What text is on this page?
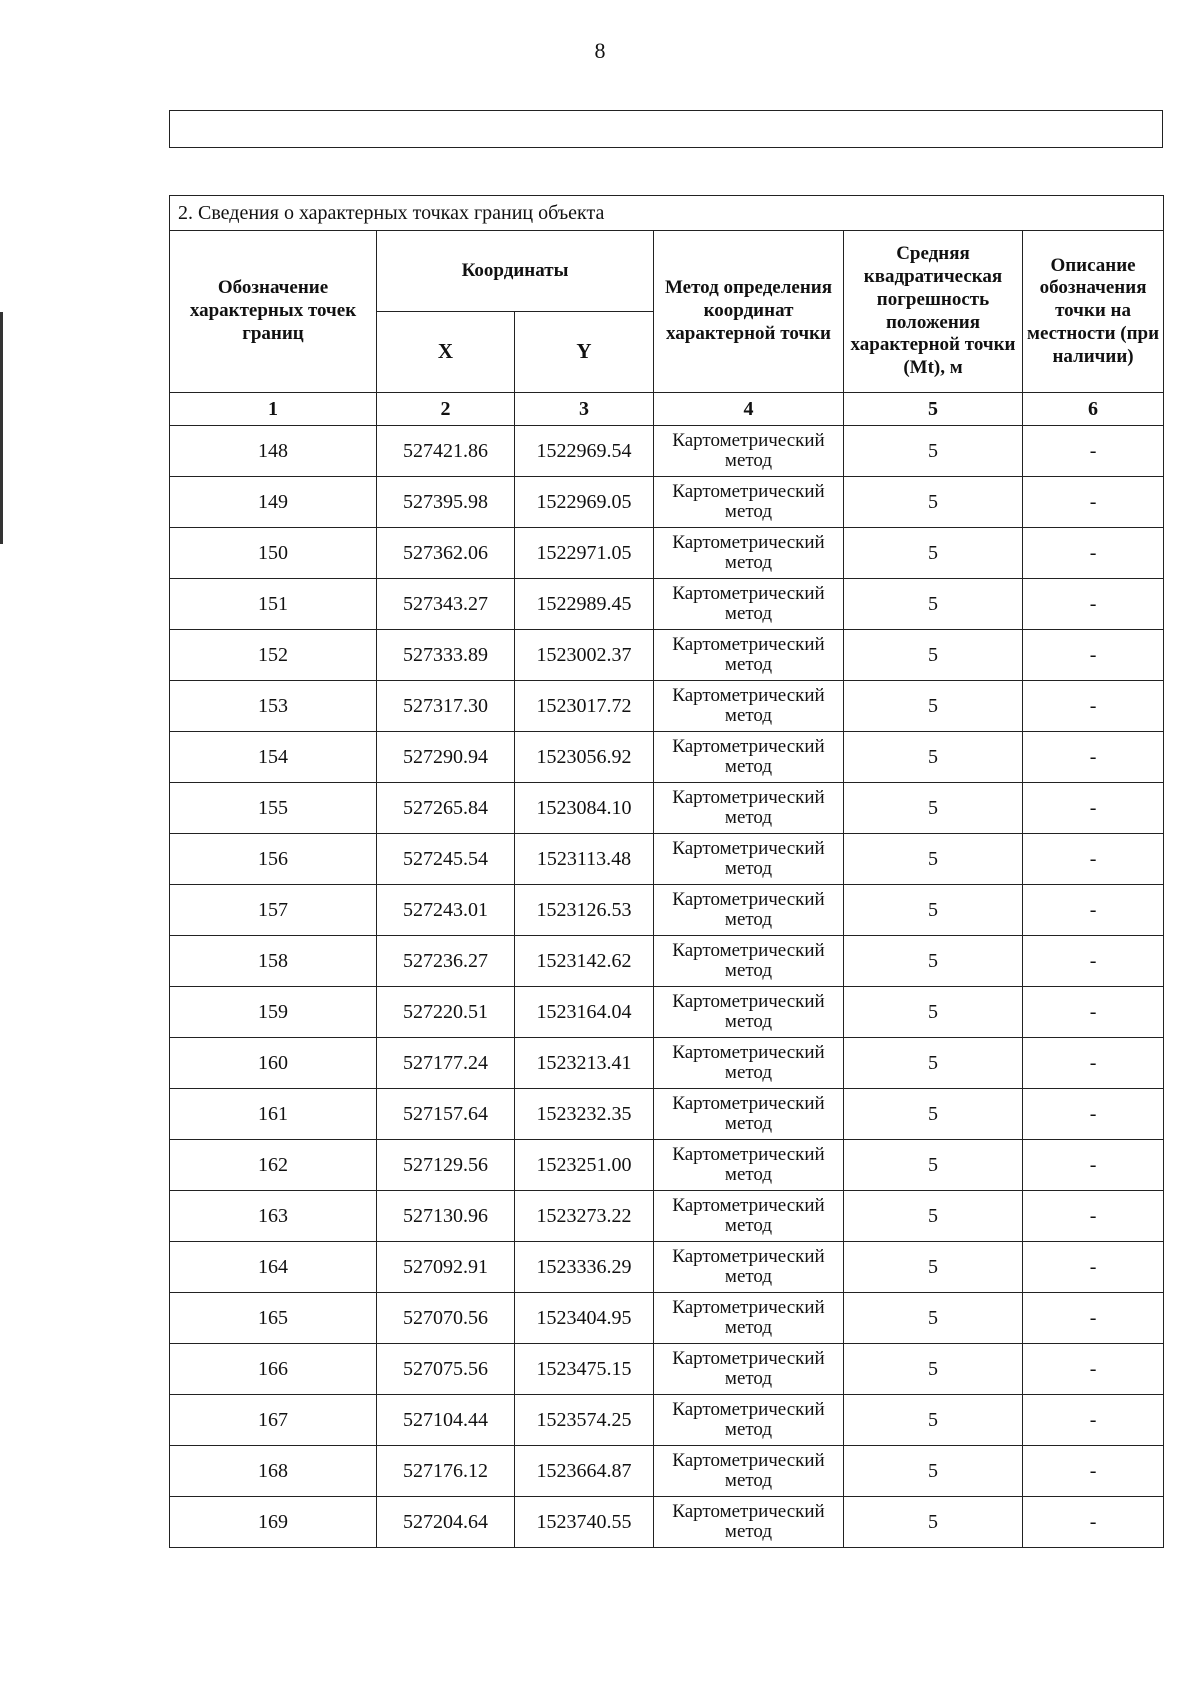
8
2. Сведения о характерных точках границ объекта					
Обозначение характерных точек границ	Координаты		Метод определения координат характерной точки	Средняя квадратическая погрешность положения характерной точки (Mt), м	Описание обозначения точки на местности (при наличии)
	X	Y			
1	2	3	4	5	6
148	527421.86	1522969.54	Картометрический метод	5	-
149	527395.98	1522969.05	Картометрический метод	5	-
150	527362.06	1522971.05	Картометрический метод	5	-
151	527343.27	1522989.45	Картометрический метод	5	-
152	527333.89	1523002.37	Картометрический метод	5	-
153	527317.30	1523017.72	Картометрический метод	5	-
154	527290.94	1523056.92	Картометрический метод	5	-
155	527265.84	1523084.10	Картометрический метод	5	-
156	527245.54	1523113.48	Картометрический метод	5	-
157	527243.01	1523126.53	Картометрический метод	5	-
158	527236.27	1523142.62	Картометрический метод	5	-
159	527220.51	1523164.04	Картометрический метод	5	-
160	527177.24	1523213.41	Картометрический метод	5	-
161	527157.64	1523232.35	Картометрический метод	5	-
162	527129.56	1523251.00	Картометрический метод	5	-
163	527130.96	1523273.22	Картометрический метод	5	-
164	527092.91	1523336.29	Картометрический метод	5	-
165	527070.56	1523404.95	Картометрический метод	5	-
166	527075.56	1523475.15	Картометрический метод	5	-
167	527104.44	1523574.25	Картометрический метод	5	-
168	527176.12	1523664.87	Картометрический метод	5	-
169	527204.64	1523740.55	Картометрический метод	5	-
